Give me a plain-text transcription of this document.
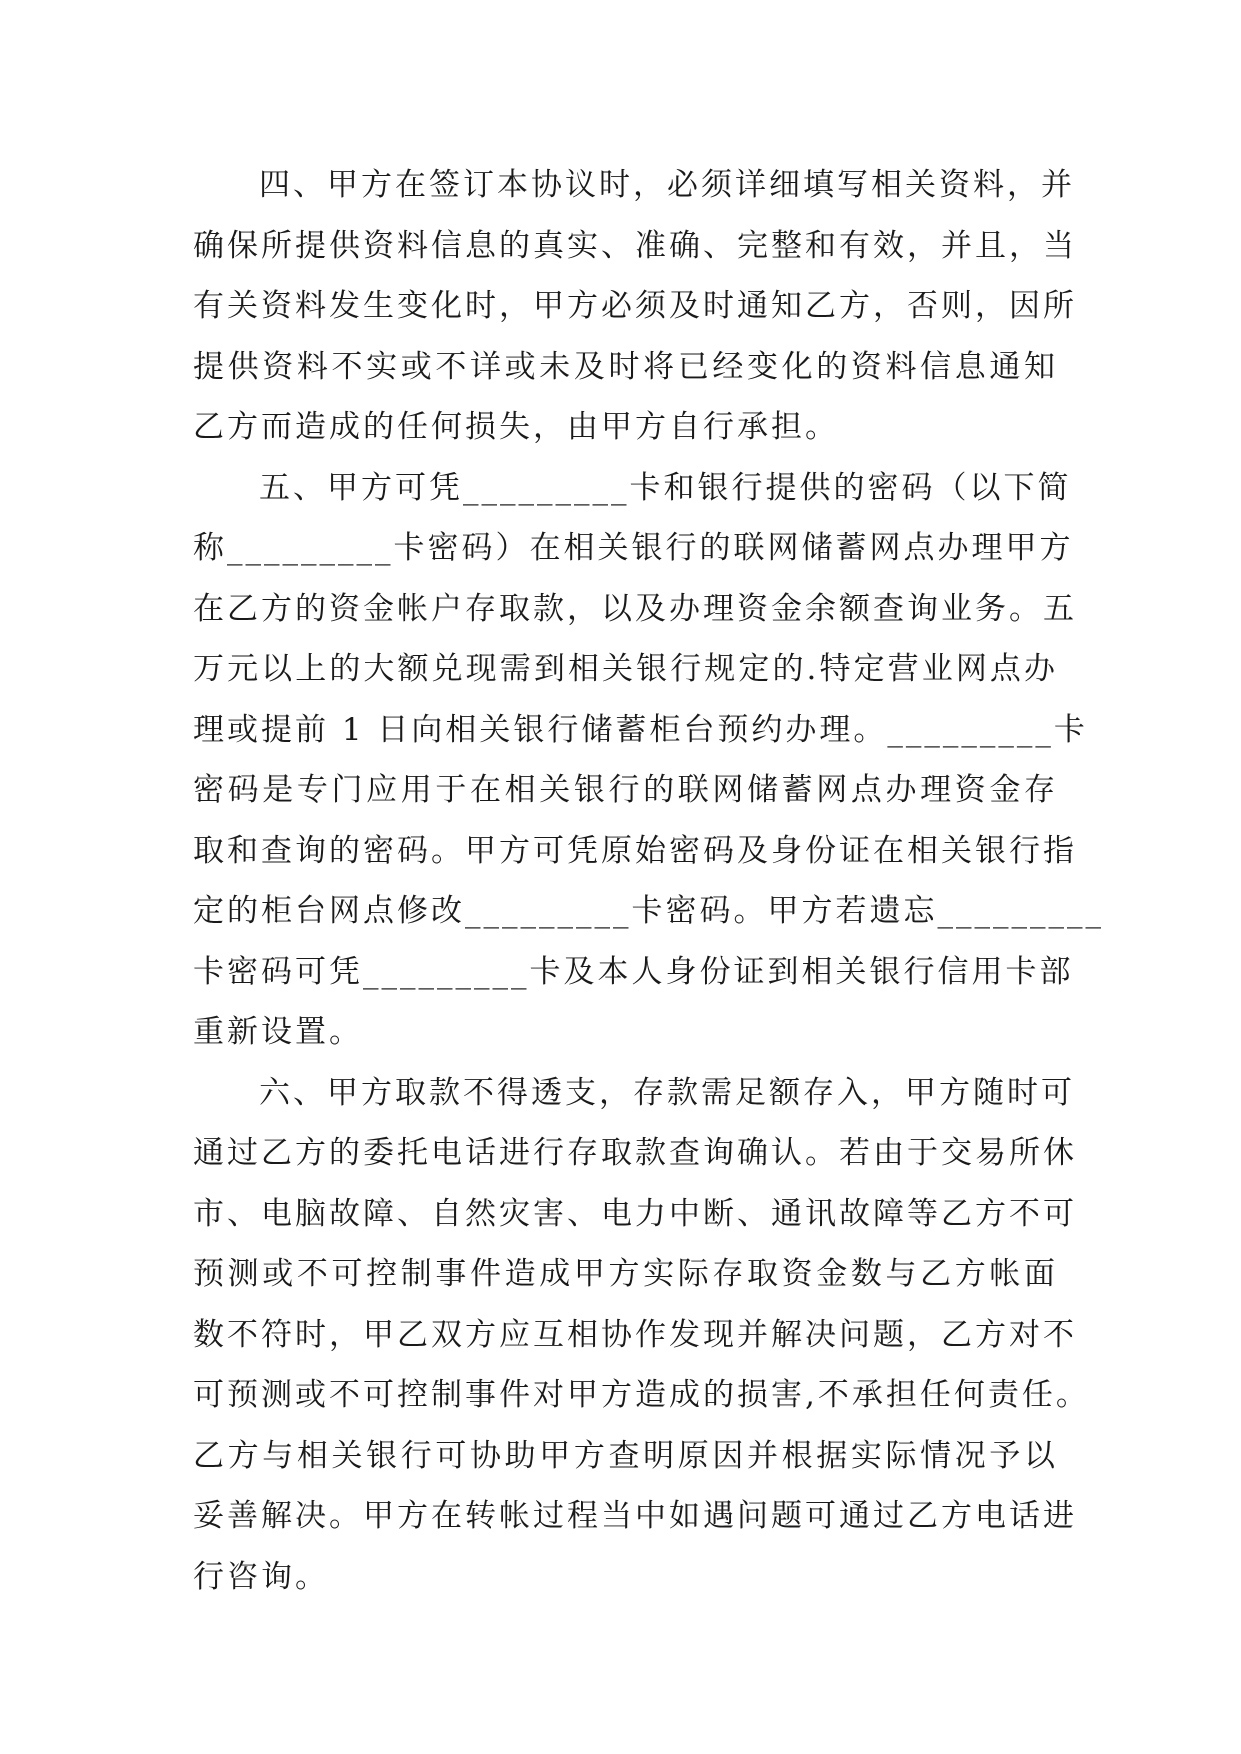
四、甲方在签订本协议时，必须详细填写相关资料，并
确保所提供资料信息的真实、准确、完整和有效，并且，当
有关资料发生变化时，甲方必须及时通知乙方，否则，因所
提供资料不实或不详或未及时将已经变化的资料信息通知
乙方而造成的任何损失，由甲方自行承担。
五、甲方可凭_________卡和银行提供的密码（以下简
称_________卡密码）在相关银行的联网储蓄网点办理甲方
在乙方的资金帐户存取款，以及办理资金余额查询业务。五
万元以上的大额兑现需到相关银行规定的.特定营业网点办
理或提前 1 日向相关银行储蓄柜台预约办理。_________卡
密码是专门应用于在相关银行的联网储蓄网点办理资金存
取和查询的密码。甲方可凭原始密码及身份证在相关银行指
定的柜台网点修改_________卡密码。甲方若遗忘_________
卡密码可凭_________卡及本人身份证到相关银行信用卡部
重新设置。
六、甲方取款不得透支，存款需足额存入，甲方随时可
通过乙方的委托电话进行存取款查询确认。若由于交易所休
市、电脑故障、自然灾害、电力中断、通讯故障等乙方不可
预测或不可控制事件造成甲方实际存取资金数与乙方帐面
数不符时，甲乙双方应互相协作发现并解决问题，乙方对不
可预测或不可控制事件对甲方造成的损害,不承担任何责任。
乙方与相关银行可协助甲方查明原因并根据实际情况予以
妥善解决。甲方在转帐过程当中如遇问题可通过乙方电话进
行咨询。
